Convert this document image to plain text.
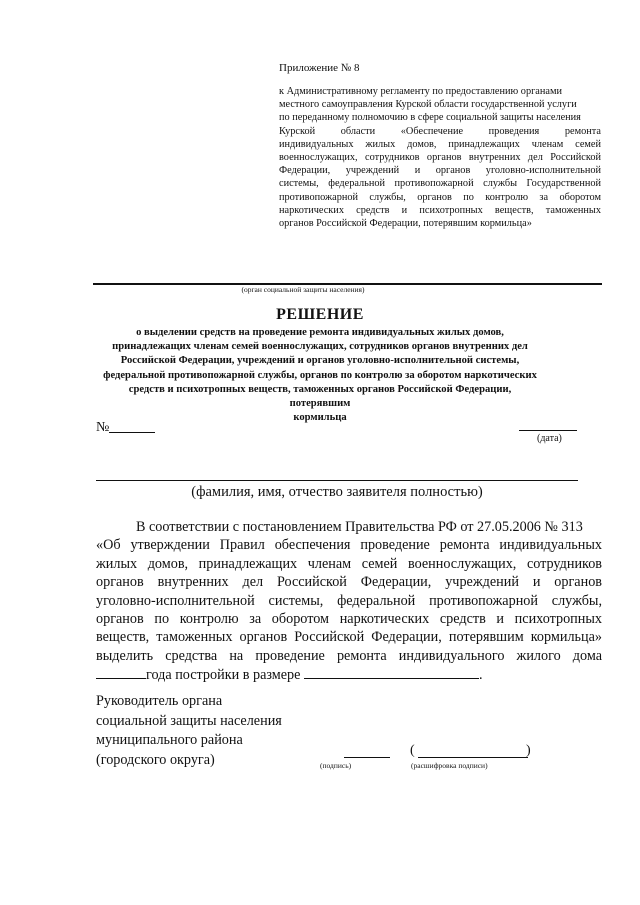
Приложение № 8
к Административному регламенту по предоставлению органами
местного самоуправления Курской области государственной услуги
по переданному полномочию в сфере социальной защиты населения
Курской области «Обеспечение проведения ремонта
индивидуальных жилых домов, принадлежащих членам семей
военнослужащих, сотрудников органов внутренних дел Российской
Федерации, учреждений и органов уголовно-исполнительной
системы, федеральной противопожарной службы Государственной
противопожарной службы, органов по контролю за оборотом
наркотических средств и психотропных веществ, таможенных
органов Российской Федерации, потерявшим кормильца»
(орган социальной защиты населения)
РЕШЕНИЕ
о выделении средств на проведение ремонта индивидуальных жилых домов,
принадлежащих членам семей военнослужащих, сотрудников органов внутренних дел
Российской Федерации, учреждений и органов уголовно-исполнительной системы,
федеральной противопожарной службы, органов по контролю за оборотом наркотических
средств и психотропных веществ, таможенных органов Российской Федерации, потерявшим
кормильца
№
(дата)
(фамилия, имя, отчество заявителя полностью)
В соответствии с постановлением Правительства РФ от 27.05.2006 № 313
«Об утверждении Правил обеспечения проведение ремонта индивидуальных
жилых домов, принадлежащих членам семей военнослужащих, сотрудников
органов внутренних дел Российской Федерации, учреждений и органов
уголовно-исполнительной системы, федеральной противопожарной службы,
органов по контролю за оборотом наркотических средств и психотропных
веществ, таможенных органов Российской Федерации, потерявшим кормильца»
выделить средства на проведение ремонта индивидуального жилого дома
года постройки в размере	.
Руководитель органа
социальной защиты населения
муниципального района
(городского округа)	(подпись)
(	)
(расшифровка подписи)
